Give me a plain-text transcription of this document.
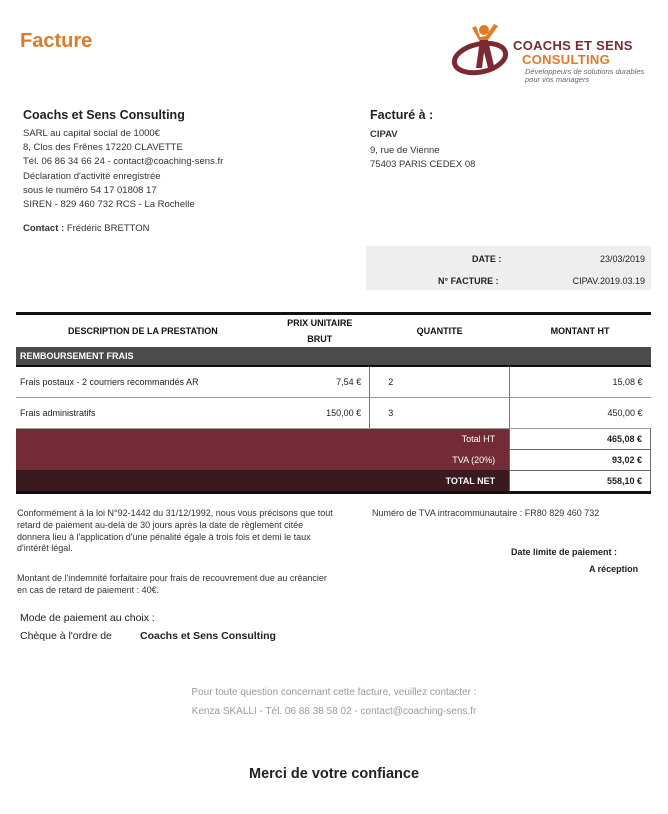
Facture	COACHS ET SENS
CONSULTING
Développeurs de solutions durables pour vos managers
Coachs et Sens Consulting
SARL au capital social de 1000€
8, Clos des Frênes 17220 CLAVETTE
Tél. 06 86 34 66 24 - contact@coaching-sens.fr
Déclaration d'activité enregistrée
sous le numéro 54 17 01808 17
SIREN - 829 460 732 RCS - La Rochelle
Contact : Frédéric BRETTON
Facturé à :
CIPAV
9, rue de Vienne
75403 PARIS CEDEX 08
DATE :	23/03/2019
N° FACTURE :	CIPAV.2019.03.19
DESCRIPTION DE LA PRESTATION	PRIX UNITAIRE BRUT	QUANTITE	MONTANT HT
REMBOURSEMENT FRAIS			
Frais postaux - 2 courriers recommandés AR	7,54 €	2	15,08 €
Frais administratifs	150,00 €	3	450,00 €
Total HT			465,08 €
TVA (20%)			93,02 €
TOTAL NET			558,10 €
Conformément à la loi N°92-1442 du 31/12/1992, nous vous précisons que tout retard de paiement au-delà de 30 jours après la date de règlement citée donnera lieu à l'application d'une pénalité égale à trois fois et demi le taux d'intérêt légal.
Montant de l'indemnité forfaitaire pour frais de recouvrement due au créancier en cas de retard de paiement : 40€.
Numéro de TVA intracommunautaire : FR80 829 460 732
Date limite de paiement :
A réception
Mode de paiement au choix :
Chèque à l'ordre de	Coachs et Sens Consulting
Pour toute question concernant cette facture, veuillez contacter :
Kenza SKALLI - Tél. 06 88 38 58 02 - contact@coaching-sens.fr
Merci de votre confiance
